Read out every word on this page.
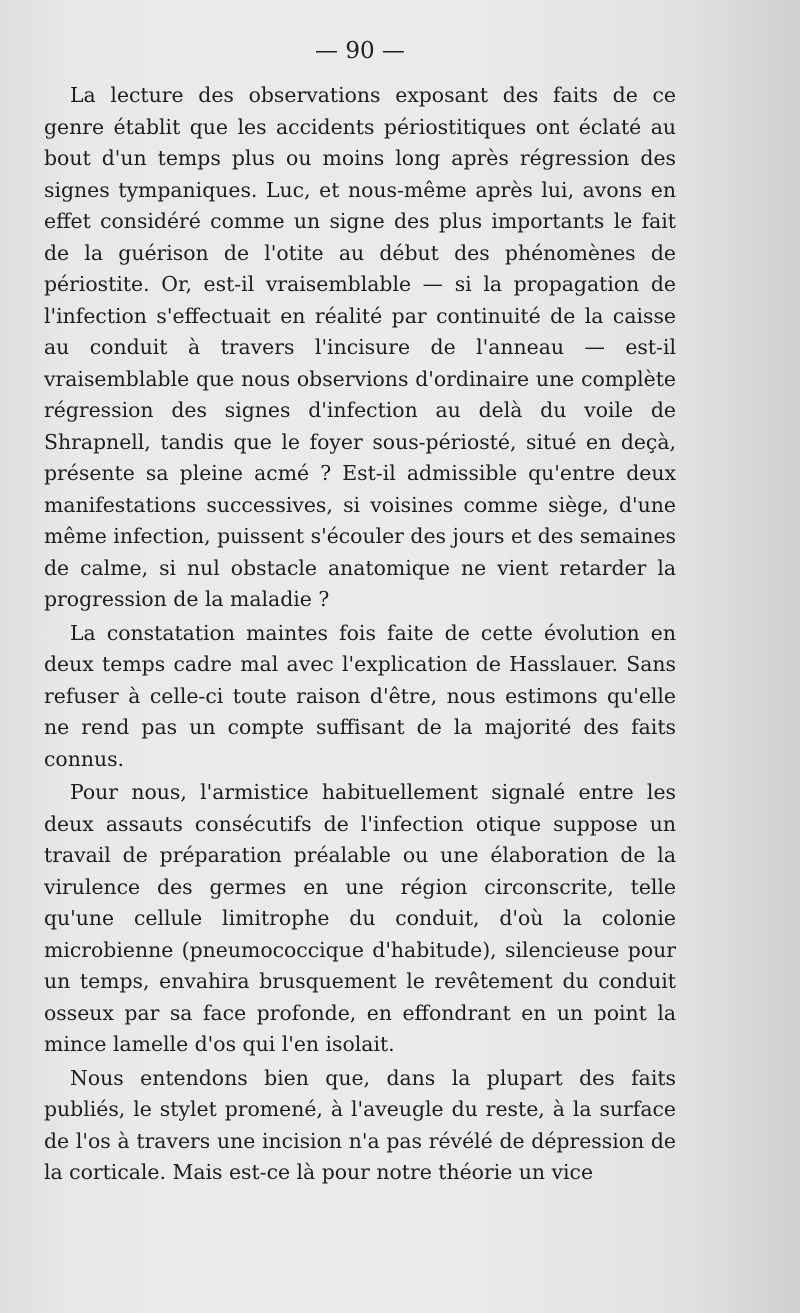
— 90 —

La lecture des observations exposant des faits de ce genre établit que les accidents périostitiques ont éclaté au bout d'un temps plus ou moins long après régression des signes tympaniques. Luc, et nous-même après lui, avons en effet considéré comme un signe des plus importants le fait de la guérison de l'otite au début des phénomènes de périostite. Or, est-il vraisemblable — si la propagation de l'infection s'effectuait en réalité par continuité de la caisse au conduit à travers l'incisure de l'anneau — est-il vraisemblable que nous observions d'ordinaire une complète régression des signes d'infection au delà du voile de Shrapnell, tandis que le foyer sous-périosté, situé en deçà, présente sa pleine acmé ? Est-il admissible qu'entre deux manifestations successives, si voisines comme siège, d'une même infection, puissent s'écouler des jours et des semaines de calme, si nul obstacle anatomique ne vient retarder la progression de la maladie ?

La constatation maintes fois faite de cette évolution en deux temps cadre mal avec l'explication de Hasslauer. Sans refuser à celle-ci toute raison d'être, nous estimons qu'elle ne rend pas un compte suffisant de la majorité des faits connus.

Pour nous, l'armistice habituellement signalé entre les deux assauts consécutifs de l'infection otique suppose un travail de préparation préalable ou une élaboration de la virulence des germes en une région circonscrite, telle qu'une cellule limitrophe du conduit, d'où la colonie microbienne (pneumococcique d'habitude), silencieuse pour un temps, envahira brusquement le revêtement du conduit osseux par sa face profonde, en effondrant en un point la mince lamelle d'os qui l'en isolait.

Nous entendons bien que, dans la plupart des faits publiés, le stylet promené, à l'aveugle du reste, à la surface de l'os à travers une incision n'a pas révélé de dépression de la corticale. Mais est-ce là pour notre théorie un vice
